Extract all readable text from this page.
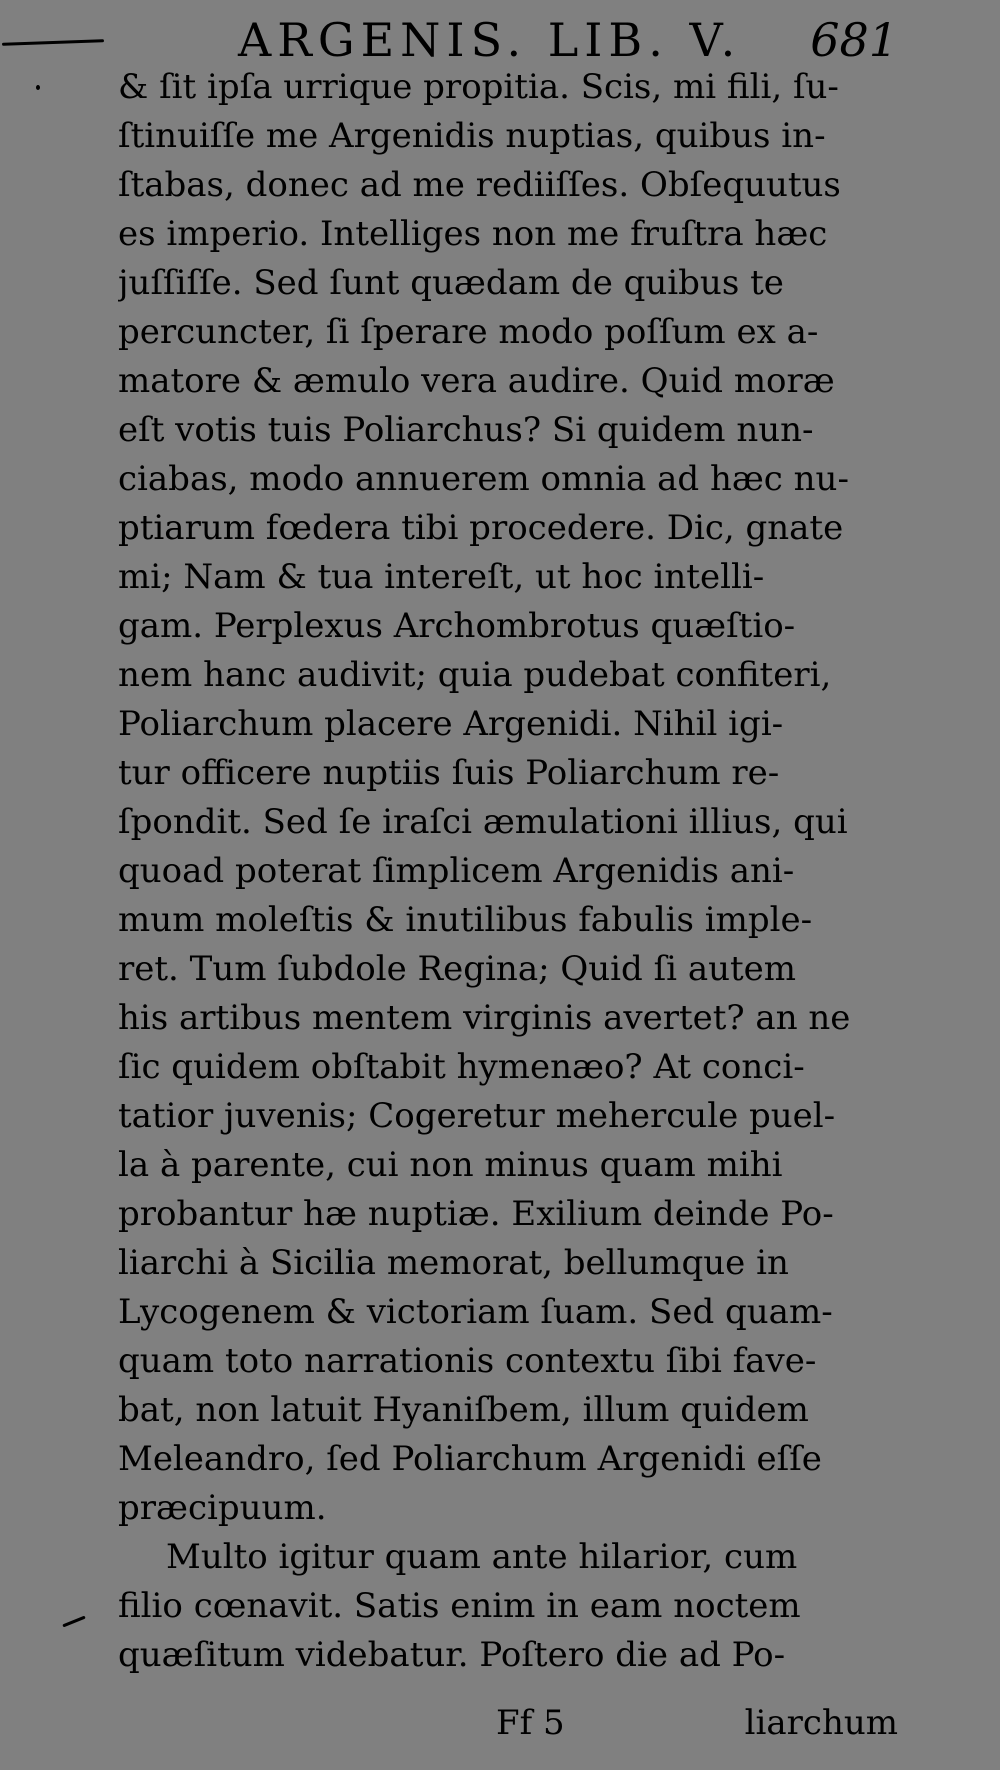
ARGENIS. LIB. V. 681
& ſit ipſa urrique propitia. Scis, mi fili, ſu-
ſtinuiſſe me Argenidis nuptias, quibus in-
ſtabas, donec ad me rediiſſes. Obſequutus
es imperio. Intelliges non me fruſtra hæc
juſſiſſe. Sed ſunt quædam de quibus te
percuncter, ſi ſperare modo poſſum ex a-
matore & æmulo vera audire. Quid moræ
eſt votis tuis Poliarchus? Si quidem nun-
ciabas, modo annuerem omnia ad hæc nu-
ptiarum fœdera tibi procedere. Dic, gnate
mi; Nam & tua intereſt, ut hoc intelli-
gam. Perplexus Archombrotus quæſtio-
nem hanc audivit; quia pudebat confiteri,
Poliarchum placere Argenidi. Nihil igi-
tur officere nuptiis ſuis Poliarchum re-
ſpondit. Sed ſe iraſci æmulationi illius, qui
quoad poterat ſimplicem Argenidis ani-
mum moleſtis & inutilibus fabulis imple-
ret. Tum ſubdole Regina; Quid ſi autem
his artibus mentem virginis avertet? an ne
ſic quidem obſtabit hymenæo? At conci-
tatior juvenis; Cogeretur mehercule puel-
la à parente, cui non minus quam mihi
probantur hæ nuptiæ. Exilium deinde Po-
liarchi à Sicilia memorat, bellumque in
Lycogenem & victoriam ſuam. Sed quam-
quam toto narrationis contextu ſibi fave-
bat, non latuit Hyaniſbem, illum quidem
Meleandro, ſed Poliarchum Argenidi eſſe
præcipuum.
Multo igitur quam ante hilarior, cum
filio cœnavit. Satis enim in eam noctem
quæſitum videbatur. Poſtero die ad Po-
Ff 5	liarchum
